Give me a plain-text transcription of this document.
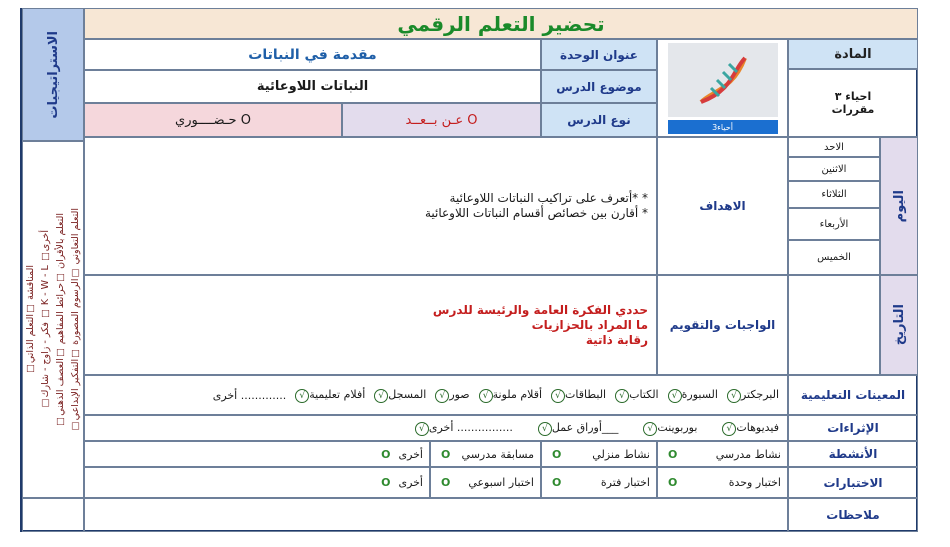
الاستراتيجيات
□المناقشة □التعلم الذاتي
□فكر - زاوج - شارك □ K - W - L □أخرى
□التعلم بالأقران □حرائط المفاهيم □العصف الذهني
□التعلم التعاوني □الرسوم المصورة □التفكير الإبداعي
تحضير التعلم الرقمي
المادة
احياء ٣
مقررات
أحياء3
عنوان الوحدة
مقدمة في النباتات
موضوع الدرس
النباتات اللاوعائية
نوع الدرس
عـن بــعــد O
حـضــــوري O
اليوم
الاحد
الاثنين
الثلاثاء
الأربعاء
الخميس
التاريخ
الاهداف
* *أتعرف على تراكيب النباتات اللاوعائية
* أقارن بين خصائص أقسام النباتات اللاوعائية
الواجبات والتقويم
حددي الفكرة العامة والرئيسة للدرس
ما المراد بالحزازيات
رقابة ذاتية
المعينات التعليمية
√ البرجكتر
√ السبورة
√ الكتاب
√ البطاقات
√ أقلام ملونة
√ صور
√ المسجل
√ أفلام تعليمية
أخرى .............
الإثراءات
√ فيديوهات
√ بوربوينت
√ أوراق عمل___
√ أخرى ................
الأنشطة
نشاط مدرسي
O
نشاط منزلي
O
مسابقة مدرسي
O
أخرى
O
الاختبارات
اختبار وحدة
O
اختبار فترة
O
اختبار اسبوعي
O
أخرى
O
ملاحظات
